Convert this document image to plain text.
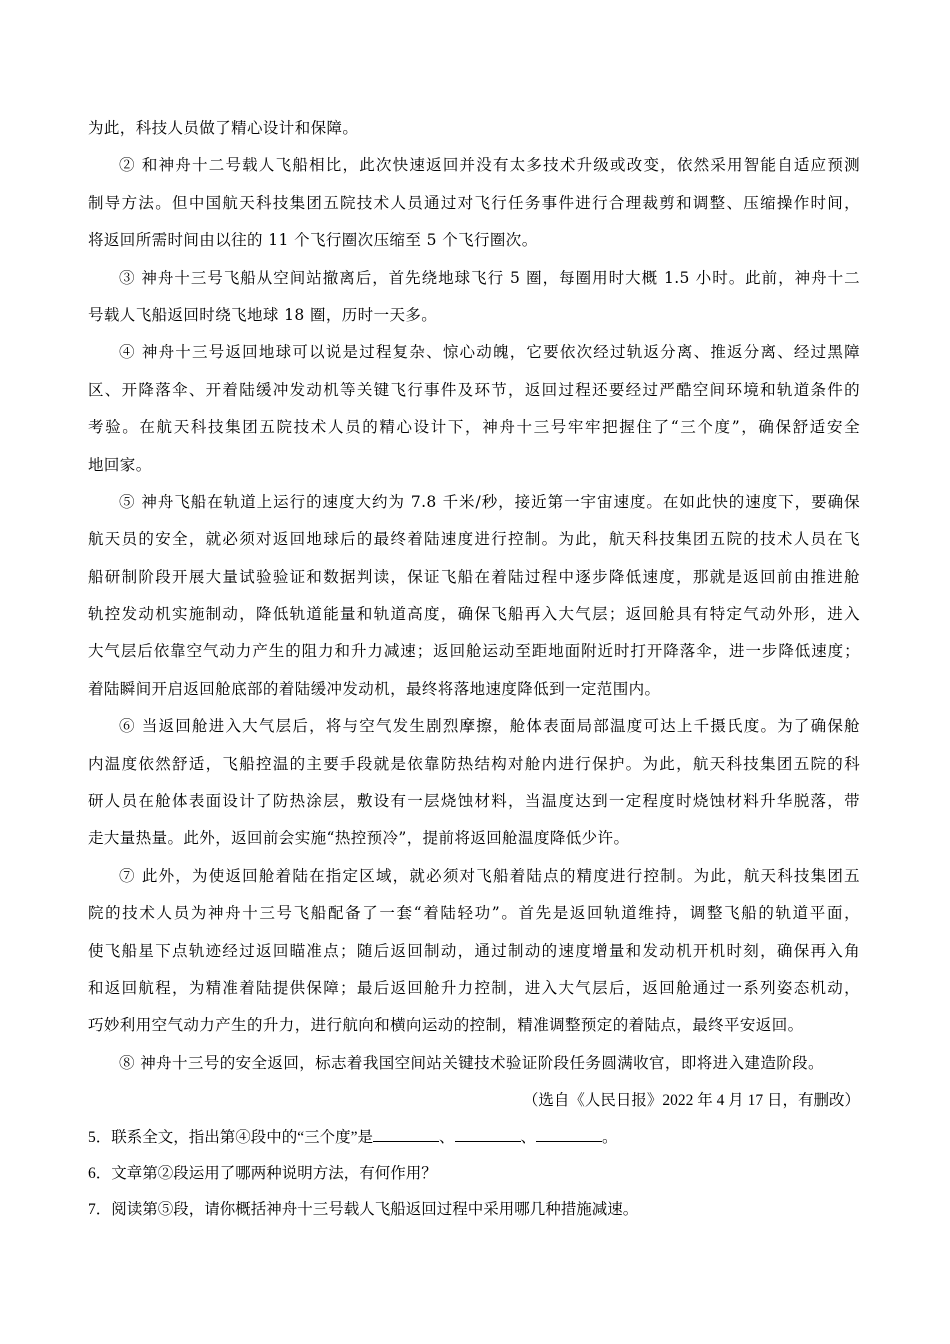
为此，科技人员做了精心设计和保障。
② 和神舟十二号载人飞船相比，此次快速返回并没有太多技术升级或改变，依然采用智能自适应预测
制导方法。但中国航天科技集团五院技术人员通过对飞行任务事件进行合理裁剪和调整、压缩操作时间，
将返回所需时间由以往的 11 个飞行圈次压缩至 5 个飞行圈次。
③ 神舟十三号飞船从空间站撤离后，首先绕地球飞行 5 圈，每圈用时大概 1.5 小时。此前，神舟十二
号载人飞船返回时绕飞地球 18 圈，历时一天多。
④ 神舟十三号返回地球可以说是过程复杂、惊心动魄，它要依次经过轨返分离、推返分离、经过黑障
区、开降落伞、开着陆缓冲发动机等关键飞行事件及环节，返回过程还要经过严酷空间环境和轨道条件的
考验。在航天科技集团五院技术人员的精心设计下，神舟十三号牢牢把握住了“三个度”，确保舒适安全
地回家。
⑤ 神舟飞船在轨道上运行的速度大约为 7.8 千米/秒，接近第一宇宙速度。在如此快的速度下，要确保
航天员的安全，就必须对返回地球后的最终着陆速度进行控制。为此，航天科技集团五院的技术人员在飞
船研制阶段开展大量试验验证和数据判读，保证飞船在着陆过程中逐步降低速度，那就是返回前由推进舱
轨控发动机实施制动，降低轨道能量和轨道高度，确保飞船再入大气层；返回舱具有特定气动外形，进入
大气层后依靠空气动力产生的阻力和升力减速；返回舱运动至距地面附近时打开降落伞，进一步降低速度；
着陆瞬间开启返回舱底部的着陆缓冲发动机，最终将落地速度降低到一定范围内。
⑥ 当返回舱进入大气层后，将与空气发生剧烈摩擦，舱体表面局部温度可达上千摄氏度。为了确保舱
内温度依然舒适，飞船控温的主要手段就是依靠防热结构对舱内进行保护。为此，航天科技集团五院的科
研人员在舱体表面设计了防热涂层，敷设有一层烧蚀材料，当温度达到一定程度时烧蚀材料升华脱落，带
走大量热量。此外，返回前会实施“热控预冷”，提前将返回舱温度降低少许。
⑦ 此外，为使返回舱着陆在指定区域，就必须对飞船着陆点的精度进行控制。为此，航天科技集团五
院的技术人员为神舟十三号飞船配备了一套“着陆轻功”。首先是返回轨道维持，调整飞船的轨道平面，
使飞船星下点轨迹经过返回瞄准点；随后返回制动，通过制动的速度增量和发动机开机时刻，确保再入角
和返回航程，为精准着陆提供保障；最后返回舱升力控制，进入大气层后，返回舱通过一系列姿态机动，
巧妙利用空气动力产生的升力，进行航向和横向运动的控制，精准调整预定的着陆点，最终平安返回。
⑧ 神舟十三号的安全返回，标志着我国空间站关键技术验证阶段任务圆满收官，即将进入建造阶段。
（选自《人民日报》2022 年 4 月 17 日，有删改）
5．联系全文，指出第④段中的“三个度”是	、	、	。
6．文章第②段运用了哪两种说明方法，有何作用？
7．阅读第⑤段，请你概括神舟十三号载人飞船返回过程中采用哪几种措施减速。
